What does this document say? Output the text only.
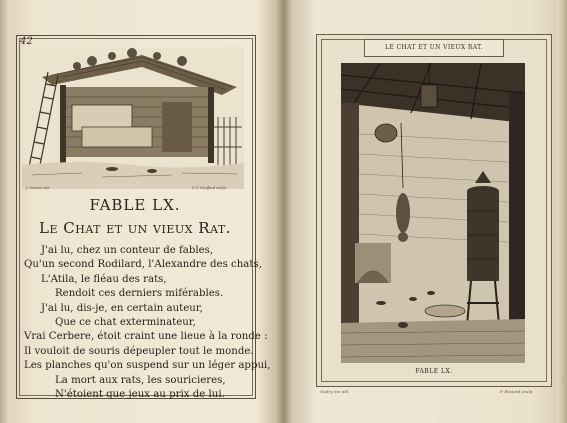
42
J. Ouvrier del.	P. P. Choffard sculp.
FABLE LX.
Le Chat et un vieux Rat.
J'ai lu, chez un conteur de fables,
Qu'un second Rodilard, l'Alexandre des chats,
L'Atila, le fléau des rats,
Rendoit ces derniers miférables.
J'ai lu, dis-je, en certain auteur,
Que ce chat exterminateur,
Vrai Cerbere, étoit craint une lieue à la ronde :
Il vouloit de souris dépeupler tout le monde.
Les planches qu'on suspend sur un léger appui,
La mort aux rats, les souricieres,
N'étoient que jeux au prix de lui.
LE CHAT ET UN VIEUX RAT.
FABLE LX.
Oudry inv. del.	P. Fessard sculp.
